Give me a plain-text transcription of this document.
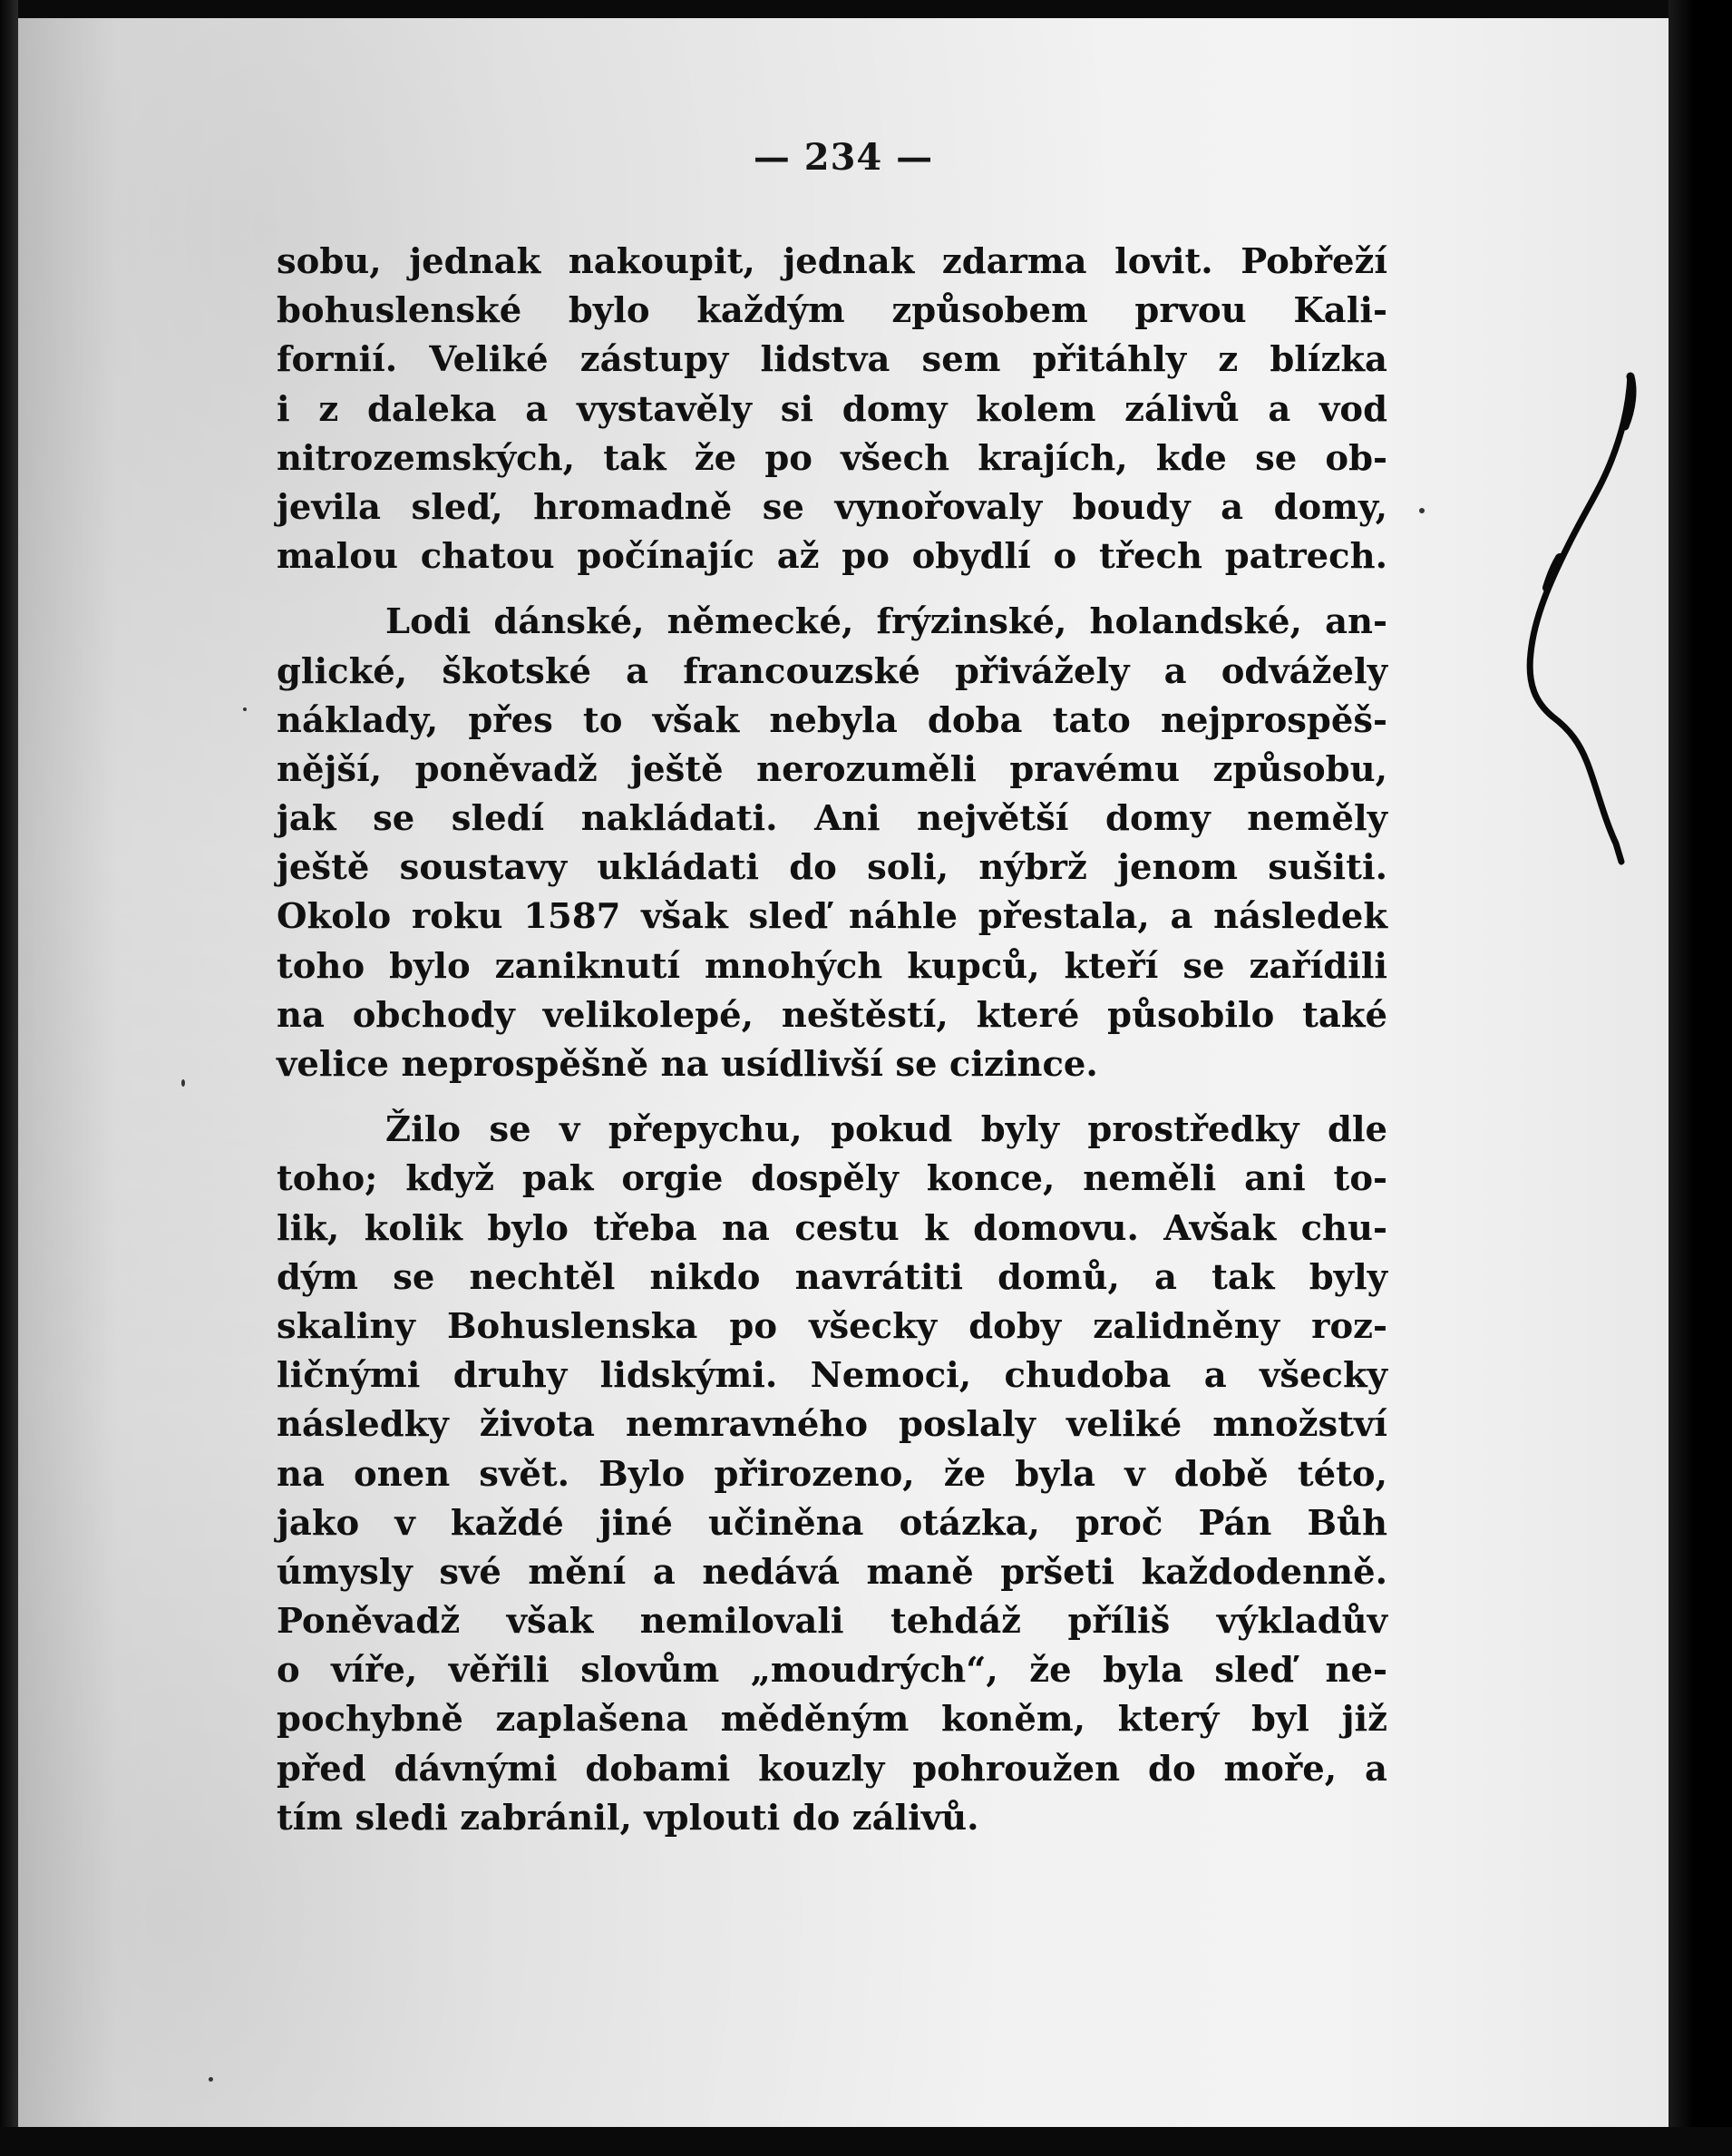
— 234 —

sobu, jednak nakoupit, jednak zdarma lovit. Pobřeží
bohuslenské bylo každým způsobem prvou Kali-
fornií. Veliké zástupy lidstva sem přitáhly z blízka
i z daleka a vystavěly si domy kolem zálivů a vod
nitrozemských, tak že po všech krajích, kde se ob-
jevila sleď, hromadně se vynořovaly boudy a domy,
malou chatou počínajíc až po obydlí o třech patrech.

Lodi dánské, německé, frýzinské, holandské, an-
glické, škotské a francouzské přivážely a odvážely
náklady, přes to však nebyla doba tato nejprospěš-
nější, poněvadž ještě nerozuměli pravému způsobu,
jak se sledí nakládati. Ani největší domy neměly
ještě soustavy ukládati do soli, nýbrž jenom sušiti.
Okolo roku 1587 však sleď náhle přestala, a následek
toho bylo zaniknutí mnohých kupců, kteří se zařídili
na obchody velikolepé, neštěstí, které působilo také
velice neprospěšně na usídlivší se cizince.

Žilo se v přepychu, pokud byly prostředky dle
toho; když pak orgie dospěly konce, neměli ani to-
lik, kolik bylo třeba na cestu k domovu. Avšak chu-
dým se nechtěl nikdo navrátiti domů, a tak byly
skaliny Bohuslenska po všecky doby zalidněny roz-
ličnými druhy lidskými. Nemoci, chudoba a všecky
následky života nemravného poslaly veliké množství
na onen svět. Bylo přirozeno, že byla v době této,
jako v každé jiné učiněna otázka, proč Pán Bůh
úmysly své mění a nedává maně pršeti každodenně.
Poněvadž však nemilovali tehdáž příliš výkladův
o víře, věřili slovům „moudrých“, že byla sleď ne-
pochybně zaplašena měděným koněm, který byl již
před dávnými dobami kouzly pohroužen do moře, a
tím sledi zabránil, vplouti do zálivů.
